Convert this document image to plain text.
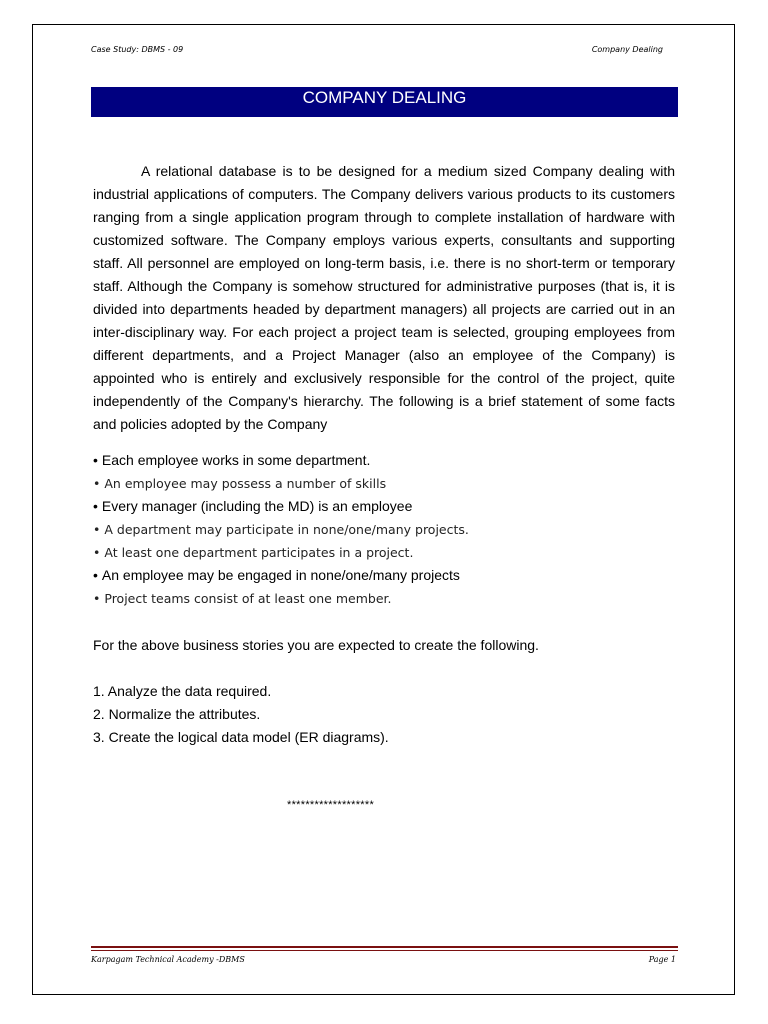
Case Study: DBMS - 09	Company Dealing
COMPANY DEALING

A relational database is to be designed for a medium sized Company dealing with industrial applications of computers. The Company delivers various products to its customers ranging from a single application program through to complete installation of hardware with customized software. The Company employs various experts, consultants and supporting staff. All personnel are employed on long-term basis, i.e. there is no short-term or temporary staff. Although the Company is somehow structured for administrative purposes (that is, it is divided into departments headed by department managers) all projects are carried out in an inter-disciplinary way. For each project a project team is selected, grouping employees from different departments, and a Project Manager (also an employee of the Company) is appointed who is entirely and exclusively responsible for the control of the project, quite independently of the Company's hierarchy. The following is a brief statement of some facts and policies adopted by the Company

• Each employee works in some department.
• An employee may possess a number of skills
• Every manager (including the MD) is an employee
• A department may participate in none/one/many projects.
• At least one department participates in a project.
• An employee may be engaged in none/one/many projects
• Project teams consist of at least one member.

For the above business stories you are expected to create the following.

1. Analyze the data required.
2. Normalize the attributes.
3. Create the logical data model (ER diagrams).
*******************
Karpagam Technical Academy -DBMS	Page 1
